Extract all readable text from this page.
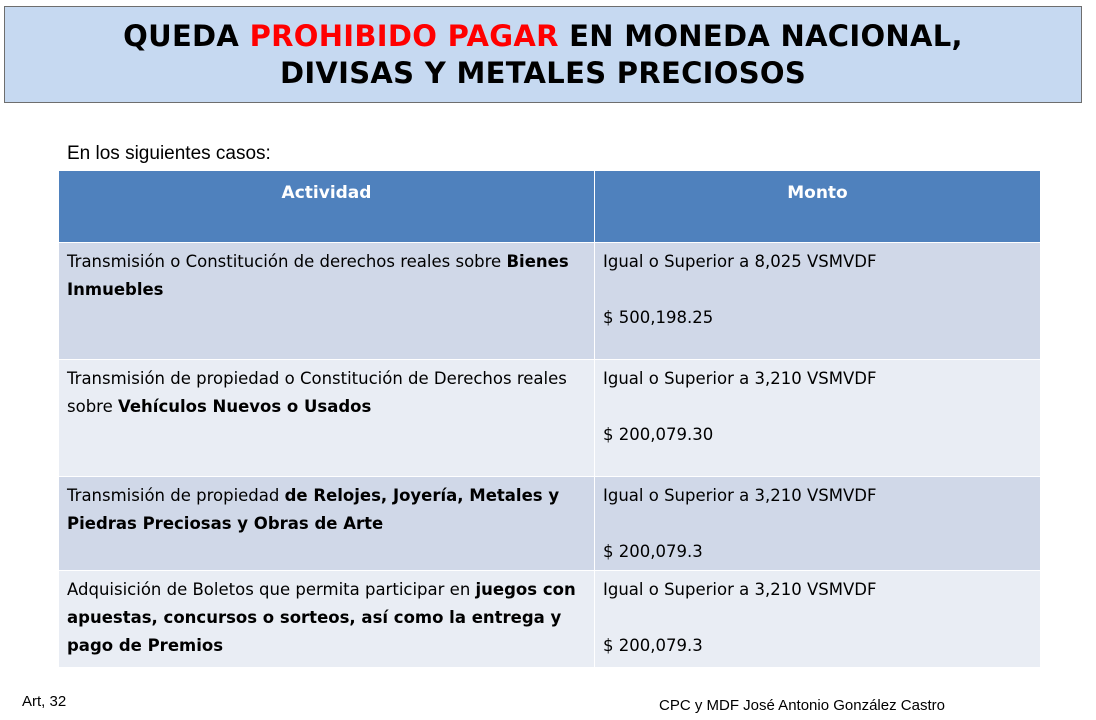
QUEDA PROHIBIDO PAGAR EN MONEDA NACIONAL,
DIVISAS Y METALES PRECIOSOS
En los siguientes casos:
Actividad	Monto
Transmisión o Constitución de derechos reales sobre Bienes Inmuebles	Igual o Superior a 8,025 VSMVDF
$ 500,198.25

Transmisión de propiedad o Constitución de Derechos reales sobre Vehículos Nuevos o Usados	Igual o Superior a 3,210 VSMVDF
$ 200,079.30

Transmisión de propiedad de Relojes, Joyería, Metales y Piedras Preciosas y Obras de Arte	Igual o Superior a 3,210 VSMVDF
$ 200,079.3

Adquisición de Boletos que permita participar en juegos con apuestas, concursos o sorteos, así como la entrega y pago de Premios	Igual o Superior a 3,210 VSMVDF
$ 200,079.3
Art, 32	CPC y MDF José Antonio González Castro
